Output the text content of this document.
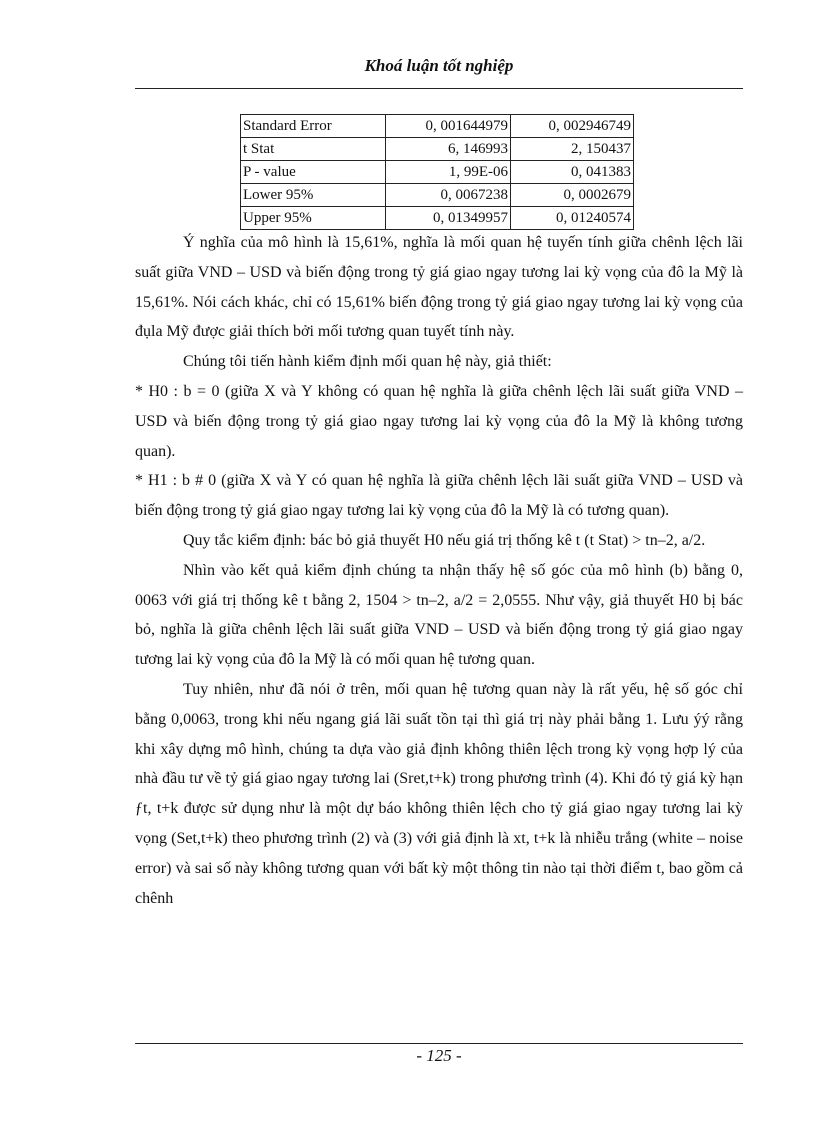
Khoá luận tốt nghiệp
Standard Error	0, 001644979	0, 002946749
t Stat	6, 146993	2, 150437
P - value	1, 99E-06	0, 041383
Lower 95%	0, 0067238	0, 0002679
Upper 95%	0, 01349957	0, 01240574

Ý nghĩa của mô hình là 15,61%, nghĩa là mối quan hệ tuyến tính giữa chênh lệch lãi suất giữa VND – USD và biến động trong tỷ giá giao ngay tương lai kỳ vọng của đô la Mỹ là 15,61%. Nói cách khác, chỉ có 15,61% biến động trong tỷ giá giao ngay tương lai kỳ vọng của đụla Mỹ được giải thích bởi mối tương quan tuyết tính này.

Chúng tôi tiến hành kiểm định mối quan hệ này, giả thiết:

* H0 : b = 0 (giữa X và Y không có quan hệ nghĩa là giữa chênh lệch lãi suất giữa VND – USD và biến động trong tỷ giá giao ngay tương lai kỳ vọng của đô la Mỹ là không tương quan).

* H1 : b # 0 (giữa X và Y có quan hệ nghĩa là giữa chênh lệch lãi suất giữa VND – USD và biến động trong tỷ giá giao ngay tương lai kỳ vọng của đô la Mỹ là có tương quan).

Quy tắc kiểm định: bác bỏ giả thuyết H0 nếu giá trị thống kê t (t Stat) > tn–2, a/2.

Nhìn vào kết quả kiểm định chúng ta nhận thấy hệ số góc của mô hình (b) bằng 0, 0063 với giá trị thống kê t bằng 2, 1504 > tn–2, a/2 = 2,0555. Như vậy, giả thuyết H0 bị bác bỏ, nghĩa là giữa chênh lệch lãi suất giữa VND – USD và biến động trong tỷ giá giao ngay tương lai kỳ vọng của đô la Mỹ là có mối quan hệ tương quan.

Tuy nhiên, như đã nói ở trên, mối quan hệ tương quan này là rất yếu, hệ số góc chỉ bằng 0,0063, trong khi nếu ngang giá lãi suất tồn tại thì giá trị này phải bằng 1. Lưu ýý rằng khi xây dựng mô hình, chúng ta dựa vào giả định không thiên lệch trong kỳ vọng hợp lý của nhà đầu tư về tỷ giá giao ngay tương lai (Sret,t+k) trong phương trình (4). Khi đó tỷ giá kỳ hạn ƒt, t+k được sử dụng như là một dự báo không thiên lệch cho tỷ giá giao ngay tương lai kỳ vọng (Set,t+k) theo phương trình (2) và (3) với giả định là xt, t+k là nhiễu trắng (white – noise error) và sai số này không tương quan với bất kỳ một thông tin nào tại thời điểm t, bao gồm cả chênh

- 125 -
